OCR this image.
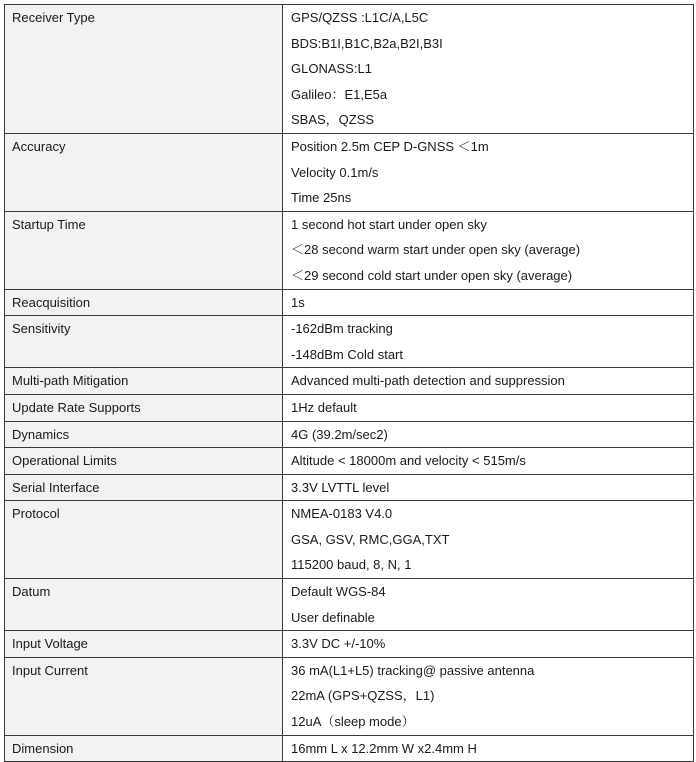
Receiver Type	GPS/QZSS :L1C/A,L5C
BDS:B1I,B1C,B2a,B2I,B3I
GLONASS:L1
Galileo：E1,E5a
SBAS，QZSS

Accuracy	Position 2.5m CEP D-GNSS ＜1m
Velocity 0.1m/s
Time 25ns

Startup Time	1 second hot start under open sky
＜28 second warm start under open sky (average)
＜29 second cold start under open sky (average)

Reacquisition	1s

Sensitivity	-162dBm tracking
-148dBm Cold start

Multi-path Mitigation	Advanced multi-path detection and suppression

Update Rate Supports	1Hz default

Dynamics	4G (39.2m/sec2)

Operational Limits	Altitude < 18000m and velocity < 515m/s

Serial Interface	3.3V LVTTL level

Protocol	NMEA-0183 V4.0
GSA, GSV, RMC,GGA,TXT
115200 baud, 8, N, 1

Datum	Default WGS-84
User definable

Input Voltage	3.3V DC +/-10%

Input Current	36 mA(L1+L5) tracking@ passive antenna
22mA (GPS+QZSS，L1)
12uA（sleep mode）

Dimension	16mm L x 12.2mm W x2.4mm H
